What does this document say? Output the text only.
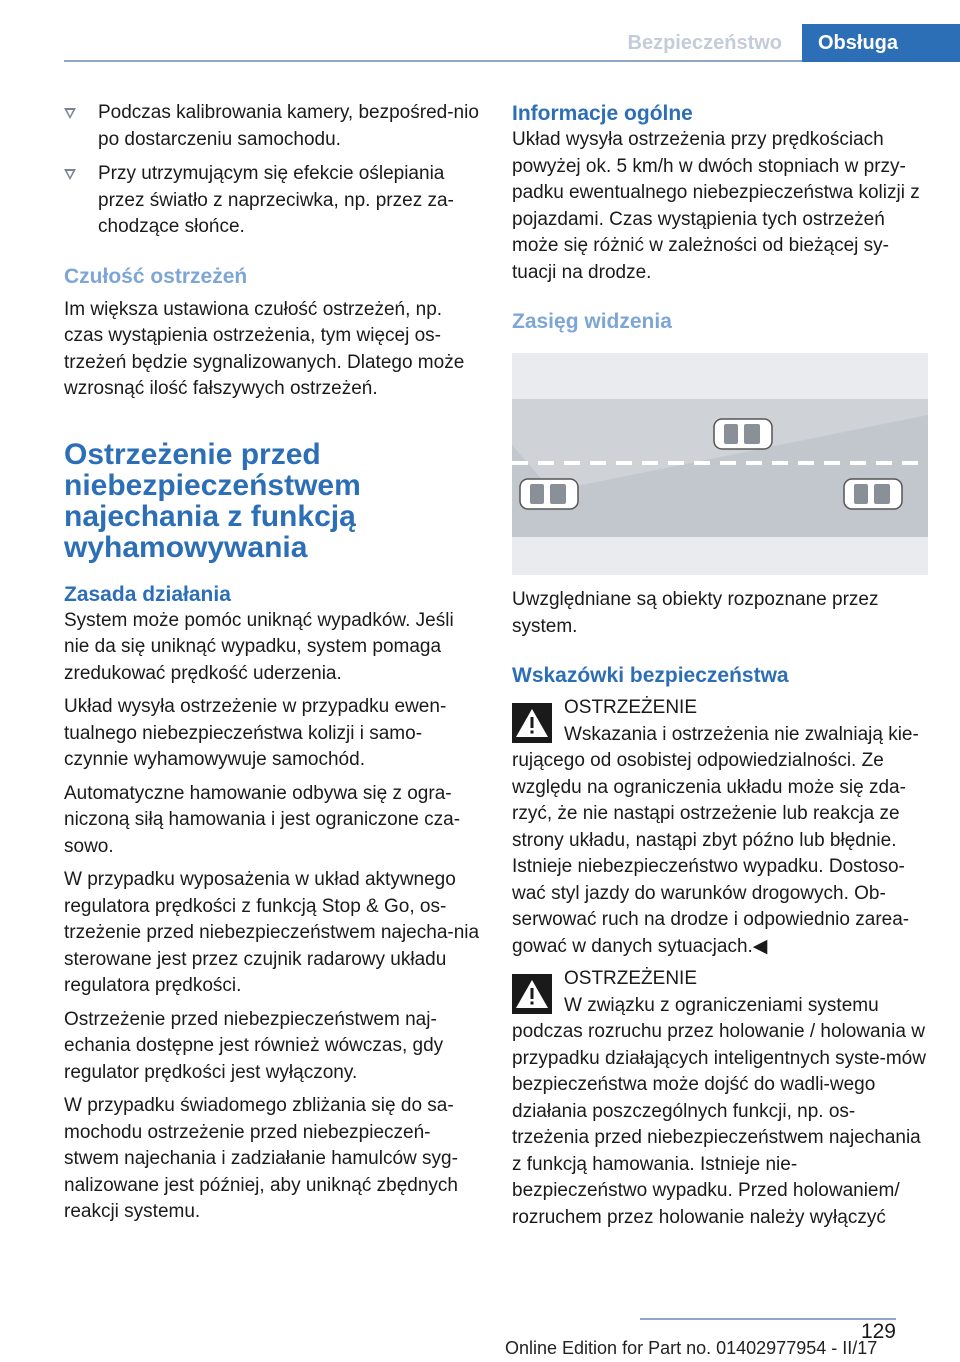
Bezpieczeństwo	Obsługa
Podczas kalibrowania kamery, bezpośred‐nio po dostarczeniu samochodu.
Przy utrzymującym się efekcie oślepiania przez światło z naprzeciwka, np. przez za‐chodzące słońce.
Czułość ostrzeżeń

Im większa ustawiona czułość ostrzeżeń, np. czas wystąpienia ostrzeżenia, tym więcej os‐trzeżeń będzie sygnalizowanych. Dlatego może wzrosnąć ilość fałszywych ostrzeżeń.

Ostrzeżenie przed niebezpieczeństwem najechania z funkcją wyhamowywania
Zasada działania

System może pomóc uniknąć wypadków. Jeśli nie da się uniknąć wypadku, system pomaga zredukować prędkość uderzenia.

Układ wysyła ostrzeżenie w przypadku ewen‐tualnego niebezpieczeństwa kolizji i samo‐czynnie wyhamowywuje samochód.

Automatyczne hamowanie odbywa się z ogra‐niczoną siłą hamowania i jest ograniczone cza‐sowo.

W przypadku wyposażenia w układ aktywnego regulatora prędkości z funkcją Stop & Go, os‐trzeżenie przed niebezpieczeństwem najecha‐nia sterowane jest przez czujnik radarowy układu regulatora prędkości.

Ostrzeżenie przed niebezpieczeństwem naj‐echania dostępne jest również wówczas, gdy regulator prędkości jest wyłączony.

W przypadku świadomego zbliżania się do sa‐mochodu ostrzeżenie przed niebezpieczeń‐stwem najechania i zadziałanie hamulców syg‐nalizowane jest później, aby uniknąć zbędnych reakcji systemu.

Informacje ogólne

Układ wysyła ostrzeżenia przy prędkościach powyżej ok. 5 km/h w dwóch stopniach w przy‐padku ewentualnego niebezpieczeństwa kolizji z pojazdami. Czas wystąpienia tych ostrzeżeń może się różnić w zależności od bieżącej sy‐tuacji na drodze.

Zasięg widzenia

Uwzględniane są obiekty rozpoznane przez system.

Wskazówki bezpieczeństwa

OSTRZEŻENIE

Wskazania i ostrzeżenia nie zwalniają kie‐

rującego od osobistej odpowiedzialności. Ze względu na ograniczenia układu może się zda‐rzyć, że nie nastąpi ostrzeżenie lub reakcja ze strony układu, nastąpi zbyt późno lub błędnie. Istnieje niebezpieczeństwo wypadku. Dostoso‐wać styl jazdy do warunków drogowych. Ob‐serwować ruch na drodze i odpowiednio zarea‐gować w danych sytuacjach.◀

OSTRZEŻENIE

W związku z ograniczeniami systemu

podczas rozruchu przez holowanie / holowania w przypadku działających inteligentnych syste‐mów bezpieczeństwa może dojść do wadli‐wego działania poszczególnych funkcji, np. os‐trzeżenia przed niebezpieczeństwem najechania z funkcją hamowania. Istnieje nie‐bezpieczeństwo wypadku. Przed holowaniem/ rozruchem przez holowanie należy wyłączyć

129
Online Edition for Part no. 01402977954 - II/17
